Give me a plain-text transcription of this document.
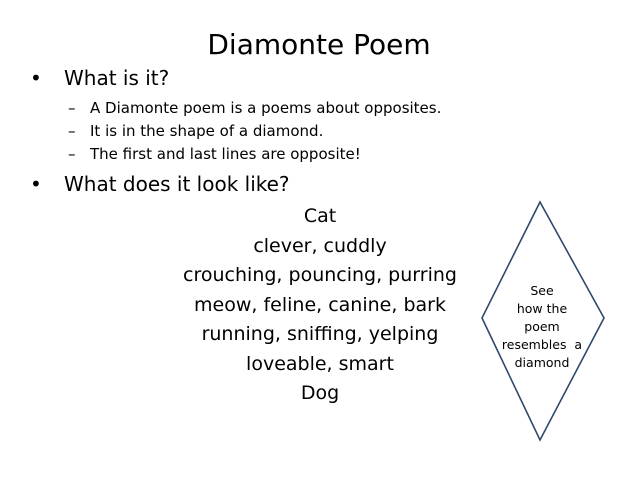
Diamonte Poem
• What is it?
– A Diamonte poem is a poems about opposites.
– It is in the shape of a diamond.
– The first and last lines are opposite!
• What does it look like?
Cat
clever, cuddly
crouching, pouncing, purring
meow, feline, canine, bark
running, sniffing, yelping
loveable, smart
Dog
See
how the
poem
resembles  a
diamond
